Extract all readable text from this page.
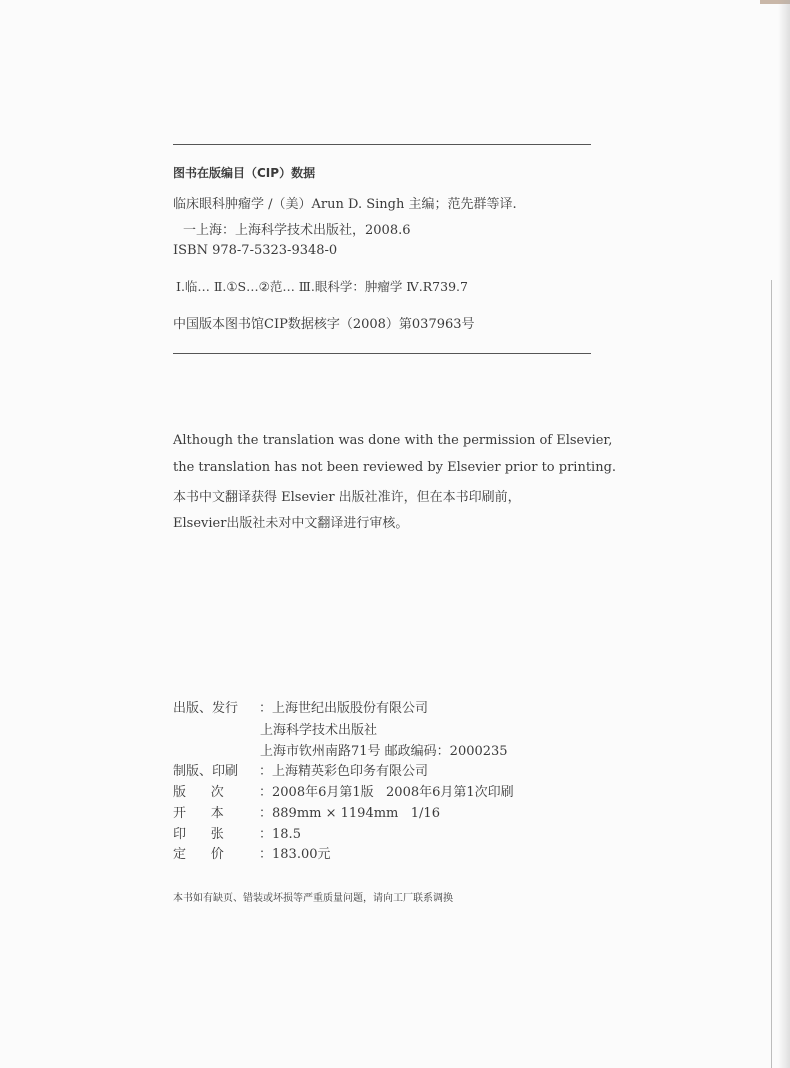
图书在版编目（CIP）数据
临床眼科肿瘤学 /（美）Arun D. Singh 主编；范先群等译.
一上海：上海科学技术出版社，2008.6
ISBN 978-7-5323-9348-0
Ⅰ.临… Ⅱ.①S…②范… Ⅲ.眼科学：肿瘤学 Ⅳ.R739.7
中国版本图书馆CIP数据核字（2008）第037963号
Although the translation was done with the permission of Elsevier,
the translation has not been reviewed by Elsevier prior to printing.
本书中文翻译获得 Elsevier 出版社准许，但在本书印刷前，
Elsevier出版社未对中文翻译进行审核。
出版、发行 ：上海世纪出版股份有限公司
上海科学技术出版社
上海市钦州南路71号 邮政编码：2000235
制版、印刷 ：上海精英彩色印务有限公司
版      次	：2008年6月第1版   2008年6月第1次印刷
开      本	：889mm × 1194mm   1/16
印      张	：18.5
定      价	：183.00元
本书如有缺页、错装或坏损等严重质量问题，请向工厂联系调换
